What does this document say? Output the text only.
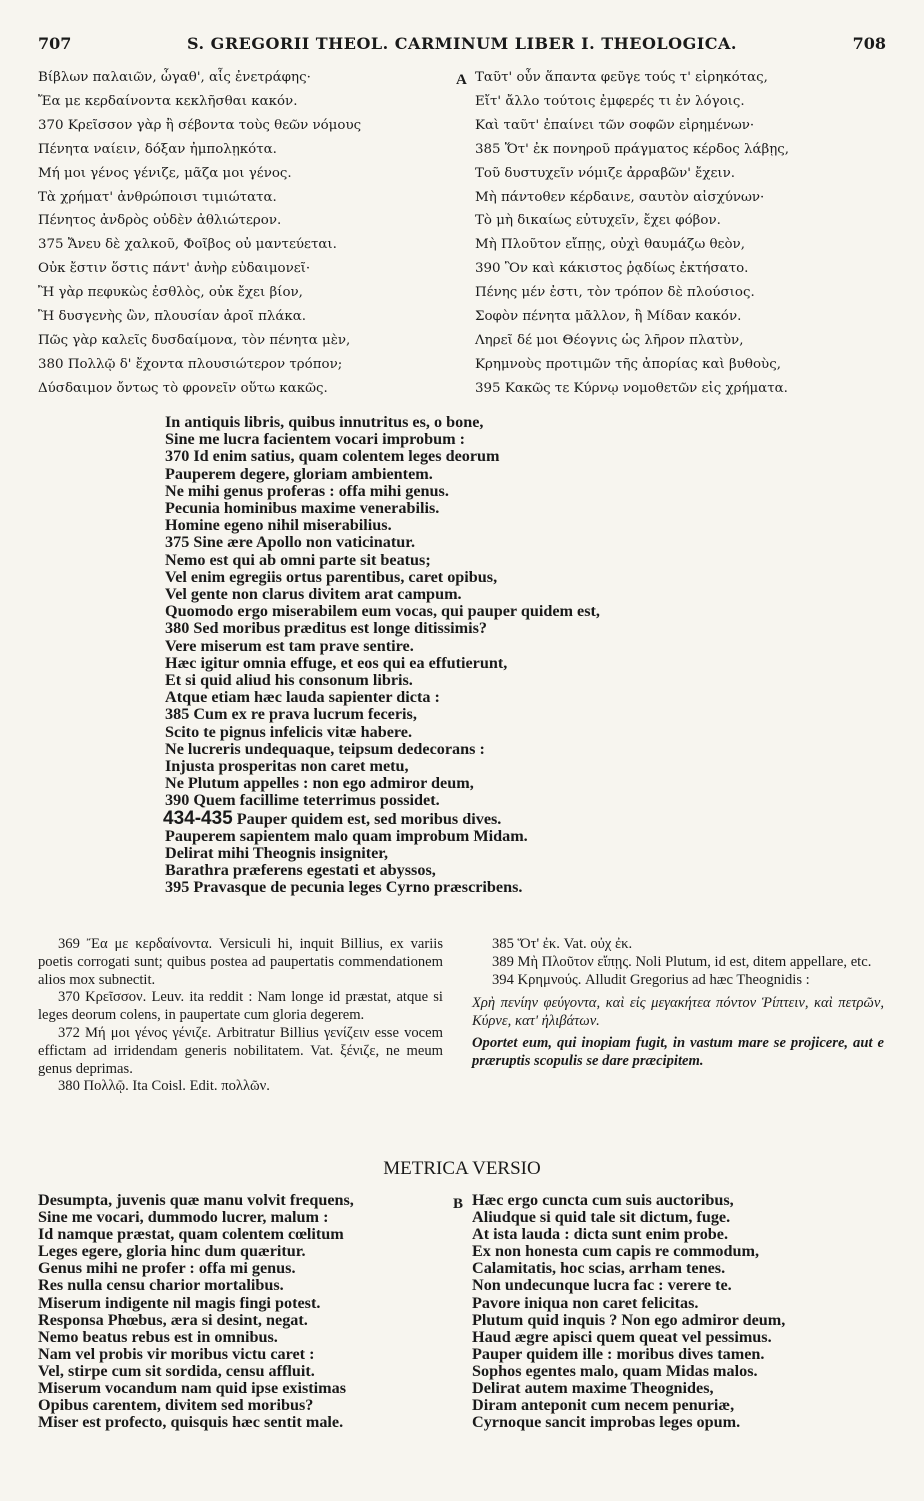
707	S. GREGORII THEOL. CARMINUM LIBER I. THEOLOGICA.	708
Βίβλων παλαιῶν, ὦγαθ', αἷς ἐνετράφης·
Ἔα με κερδαίνοντα κεκλῆσθαι κακόν.
370 Κρεῖσσον γὰρ ἢ σέβοντα τοὺς θεῶν νόμους
Πένητα ναίειν, δόξαν ἠμπολῃκότα.
Μή μοι γένος γένιζε, μᾶζα μοι γένος.
Τὰ χρήματ' ἀνθρώποισι τιμιώτατα.
Πένητος ἀνδρὸς οὐδὲν ἀθλιώτερον.
375 Ἄνευ δὲ χαλκοῦ, Φοῖβος οὐ μαντεύεται.
Οὐκ ἔστιν ὅστις πάντ' ἀνὴρ εὐδαιμονεῖ·
Ἢ γὰρ πεφυκὼς ἐσθλὸς, οὐκ ἔχει βίον,
Ἢ δυσγενὴς ὢν, πλουσίαν ἀροῖ πλάκα.
Πῶς γὰρ καλεῖς δυσδαίμονα, τὸν πένητα μὲν,
380 Πολλῷ δ' ἔχοντα πλουσιώτερον τρόπον;
Δύσδαιμον ὄντως τὸ φρονεῖν οὕτω κακῶς.
A Ταῦτ' οὖν ἅπαντα φεῦγε τούς τ' εἰρηκότας,
Εἴτ' ἄλλο τούτοις ἐμφερές τι ἐν λόγοις.
Καὶ ταῦτ' ἐπαίνει τῶν σοφῶν εἰρημένων·
385 Ὅτ' ἐκ πονηροῦ πράγματος κέρδος λάβῃς,
Τοῦ δυστυχεῖν νόμιζε ἀρραβῶν' ἔχειν.
Μὴ πάντοθεν κέρδαινε, σαυτὸν αἰσχύνων·
Τὸ μὴ δικαίως εὐτυχεῖν, ἔχει φόβον.
Μὴ Πλοῦτον εἴπῃς, οὐχὶ θαυμάζω θεὸν,
390 Ὃν καὶ κάκιστος ῥᾳδίως ἐκτήσατο.
Πένης μέν ἐστι, τὸν τρόπον δὲ πλούσιος.
Σοφὸν πένητα μᾶλλον, ἢ Μίδαν κακόν.
Ληρεῖ δέ μοι Θέογνις ὡς λῆρον πλατὺν,
Κρημνοὺς προτιμῶν τῆς ἀπορίας καὶ βυθοὺς,
395 Κακῶς τε Κύρνῳ νομοθετῶν εἰς χρήματα.
In antiquis libris, quibus innutritus es, o bone,
Sine me lucra facientem vocari improbum :
370 Id enim satius, quam colentem leges deorum
Pauperem degere, gloriam ambientem.
Ne mihi genus proferas : offa mihi genus.
Pecunia hominibus maxime venerabilis.
Homine egeno nihil miserabilius.
375 Sine ære Apollo non vaticinatur.
Nemo est qui ab omni parte sit beatus;
Vel enim egregiis ortus parentibus, caret opibus,
Vel gente non clarus divitem arat campum.
Quomodo ergo miserabilem eum vocas, qui pauper quidem est,
380 Sed moribus præditus est longe ditissimis?
Vere miserum est tam prave sentire.
Hæc igitur omnia effuge, et eos qui ea effutierunt,
Et si quid aliud his consonum libris.
Atque etiam hæc lauda sapienter dicta :
385 Cum ex re prava lucrum feceris,
Scito te pignus infelicis vitæ habere.
Ne lucreris undequaque, teipsum dedecorans :
Injusta prosperitas non caret metu,
Ne Plutum appelles : non ego admiror deum,
390 Quem facillime teterrimus possidet.
434-435 Pauper quidem est, sed moribus dives.
Pauperem sapientem malo quam improbum Midam.
Delirat mihi Theognis insigniter,
Barathra præferens egestati et abyssos,
395 Pravasque de pecunia leges Cyrno præscribens.

369 Ἔα με κερδαίνοντα. Versiculi hi, inquit Billius, ex variis poetis corrogati sunt; quibus postea ad paupertatis commendationem alios mox subnectit.

370 Κρεῖσσον. Leuv. ita reddit : Nam longe id præstat, atque si leges deorum colens, in paupertate cum gloria degerem.

372 Μή μοι γένος γένιζε. Arbitratur Billius γενίζειν esse vocem effictam ad irridendam generis nobilitatem. Vat. ξένιζε, ne meum genus deprimas.

380 Πολλῷ. Ita Coisl. Edit. πολλῶν.

385 Ὅτ' ἐκ. Vat. οὐχ ἐκ.

389 Μὴ Πλοῦτον εἴπῃς. Noli Plutum, id est, ditem appellare, etc.

394 Κρημνούς. Alludit Gregorius ad hæc Theognidis :

Χρὴ πενίην φεύγοντα, καὶ εἰς μεγακήτεα πόντον Ῥίπτειν, καὶ πετρῶν, Κύρνε, κατ' ἠλιβάτων.

Oportet eum, qui inopiam fugit, in vastum mare se projicere, aut e præruptis scopulis se dare præcipitem.

METRICA VERSIO
Desumpta, juvenis quæ manu volvit frequens,
Sine me vocari, dummodo lucrer, malum :
Id namque præstat, quam colentem cœlitum
Leges egere, gloria hinc dum quæritur.
Genus mihi ne profer : offa mi genus.
Res nulla censu charior mortalibus.
Miserum indigente nil magis fingi potest.
Responsa Phœbus, æra si desint, negat.
Nemo beatus rebus est in omnibus.
Nam vel probis vir moribus victu caret :
Vel, stirpe cum sit sordida, censu affluit.
Miserum vocandum nam quid ipse existimas
Opibus carentem, divitem sed moribus?
Miser est profecto, quisquis hæc sentit male.
B Hæc ergo cuncta cum suis auctoribus,
Aliudque si quid tale sit dictum, fuge.
At ista lauda : dicta sunt enim probe.
Ex non honesta cum capis re commodum,
Calamitatis, hoc scias, arrham tenes.
Non undecunque lucra fac : verere te.
Pavore iniqua non caret felicitas.
Plutum quid inquis ? Non ego admiror deum,
Haud ægre apisci quem queat vel pessimus.
Pauper quidem ille : moribus dives tamen.
Sophos egentes malo, quam Midas malos.
Delirat autem maxime Theognides,
Diram anteponit cum necem penuriæ,
Cyrnoque sancit improbas leges opum.
